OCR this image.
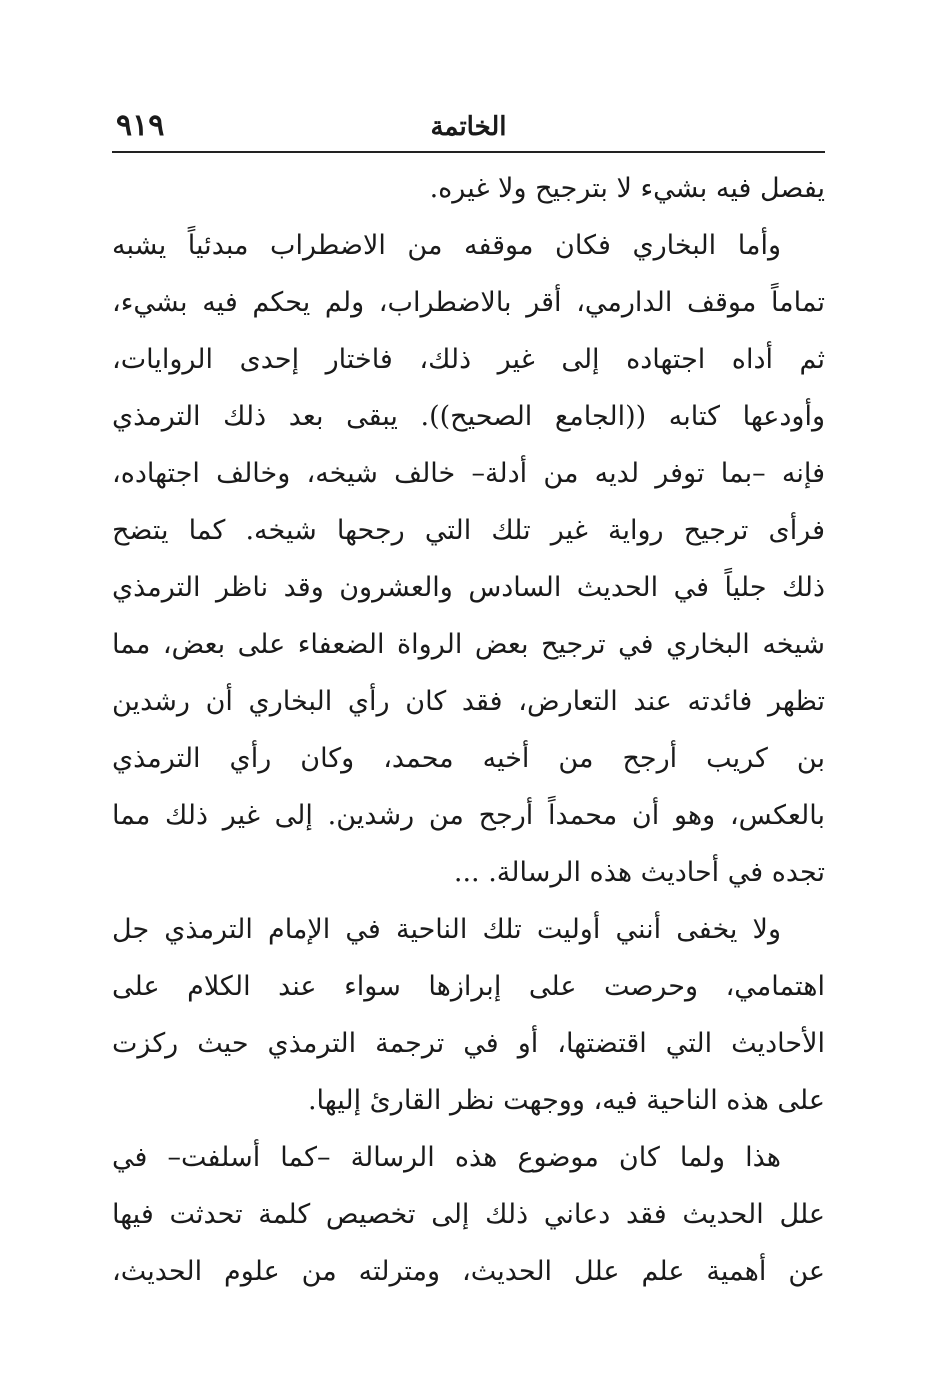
٩١٩	الخاتمة
يفصل فيه بشيء لا بترجيح ولا غيره.
وأما البخاري فكان موقفه من الاضطراب مبدئياً يشبه
تماماً موقف الدارمي، أقر بالاضطراب، ولم يحكم فيه بشيء،
ثم أداه اجتهاده إلى غير ذلك، فاختار إحدى الروايات،
وأودعها كتابه ((الجامع الصحيح)). يبقى بعد ذلك الترمذي
فإنه –بما توفر لديه من أدلة– خالف شيخه، وخالف اجتهاده،
فرأى ترجيح رواية غير تلك التي رجحها شيخه. كما يتضح
ذلك جلياً في الحديث السادس والعشرون وقد ناظر الترمذي
شيخه البخاري في ترجيح بعض الرواة الضعفاء على بعض، مما
تظهر فائدته عند التعارض، فقد كان رأي البخاري أن رشدين
بن كريب أرجح من أخيه محمد، وكان رأي الترمذي
بالعكس، وهو أن محمداً أرجح من رشدين. إلى غير ذلك مما
تجده في أحاديث هذه الرسالة. ...
ولا يخفى أنني أوليت تلك الناحية في الإمام الترمذي جل
اهتمامي، وحرصت على إبرازها سواء عند الكلام على
الأحاديث التي اقتضتها، أو في ترجمة الترمذي حيث ركزت
على هذه الناحية فيه، ووجهت نظر القارئ إليها.
هذا ولما كان موضوع هذه الرسالة –كما أسلفت– في
علل الحديث فقد دعاني ذلك إلى تخصيص كلمة تحدثت فيها
عن أهمية علم علل الحديث، ومترلته من علوم الحديث،
